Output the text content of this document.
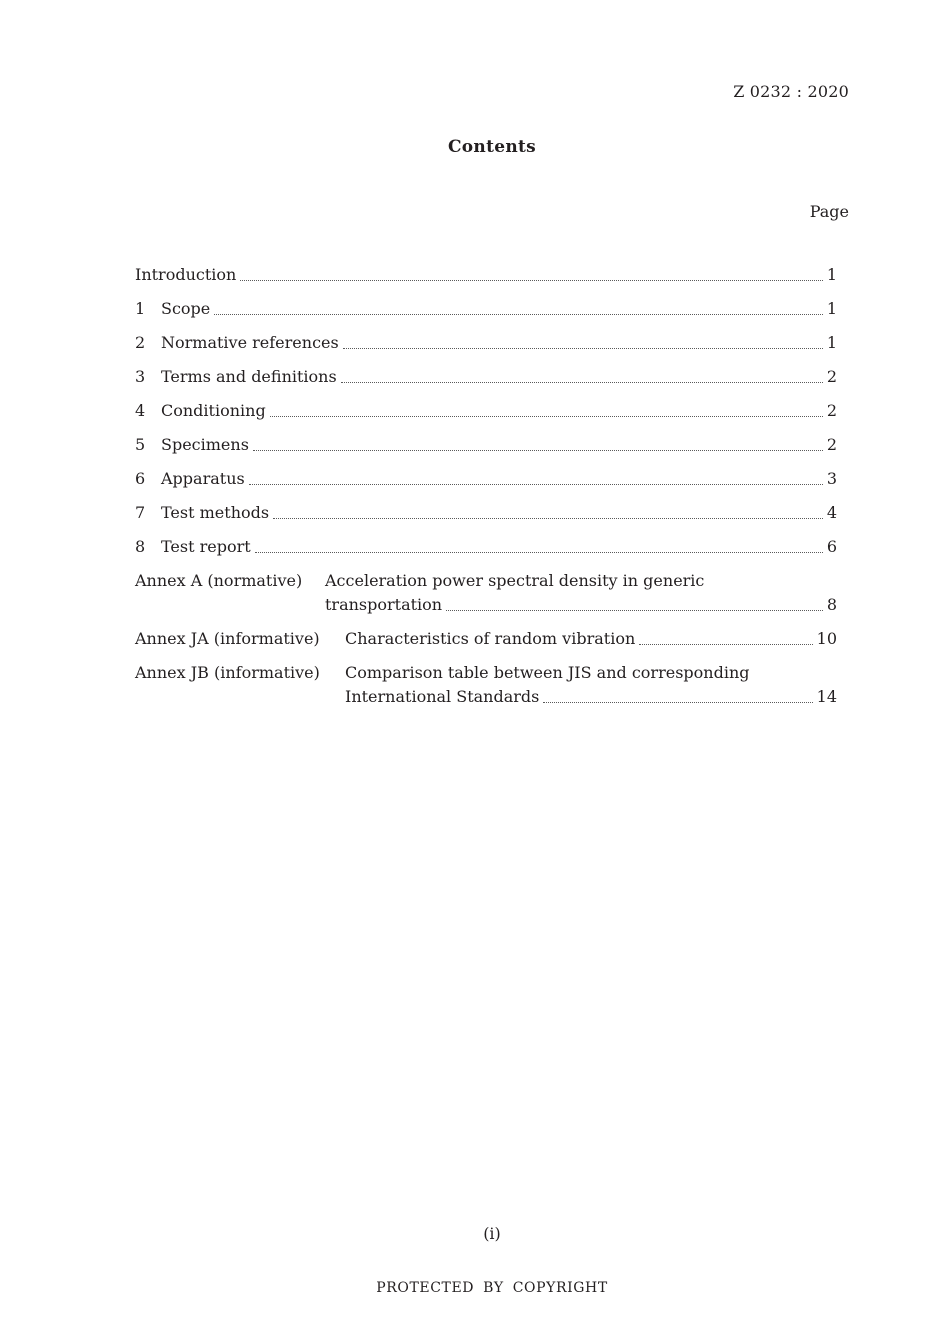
Z 0232 : 2020
Contents
Page
Introduction	1
1 Scope	1
2 Normative references	1
3 Terms and definitions	2
4 Conditioning	2
5 Specimens	2
6 Apparatus	3
7 Test methods	4
8 Test report	6
Annex A (normative)	Acceleration power spectral density in generic
transportation	8
Annex JA (informative)	Characteristics of random vibration	10
Annex JB (informative)	Comparison table between JIS and corresponding
International Standards	14
(i)
PROTECTED BY COPYRIGHT
